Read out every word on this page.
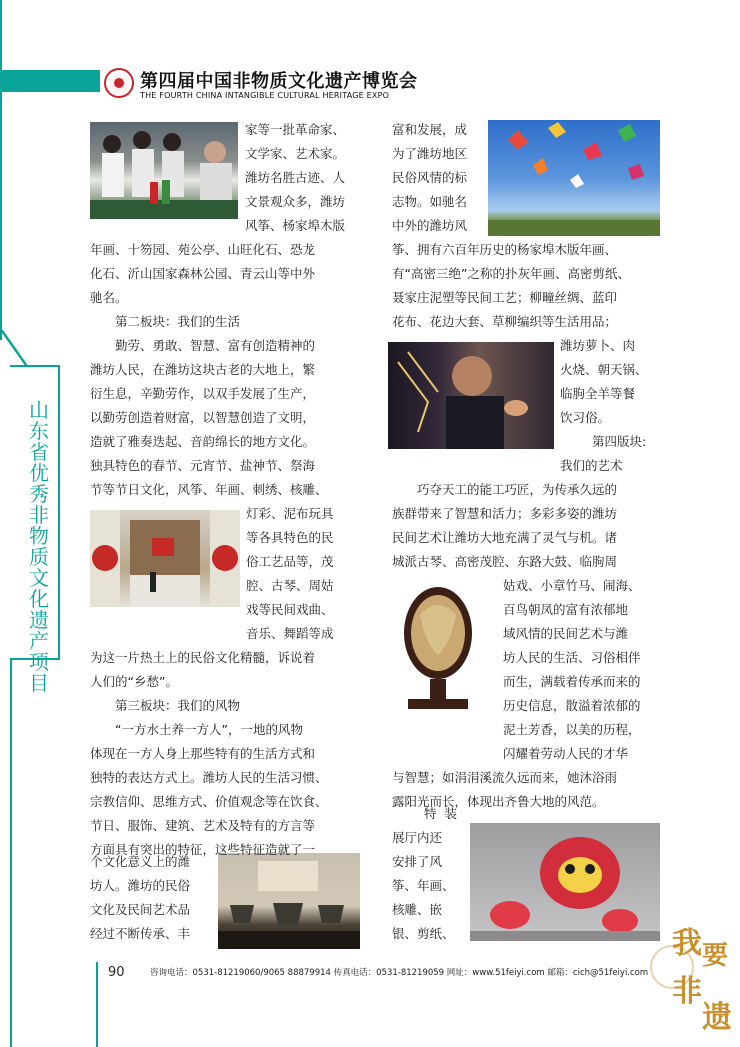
第四届中国非物质文化遗产博览会
THE FOURTH CHINA INTANGIBLE CULTURAL HERITAGE EXPO
山东省优秀非物质文化遗产项目

家等一批革命家、

文学家、艺术家。

潍坊名胜古迹、人

文景观众多，潍坊

风筝、杨家埠木版

年画、十笏园、苑公亭、山旺化石、恐龙

化石、沂山国家森林公园、青云山等中外

驰名。

第二板块：我们的生活

勤劳、勇敢、智慧、富有创造精神的

潍坊人民，在潍坊这块古老的大地上，繁

衍生息，辛勤劳作，以双手发展了生产，

以勤劳创造着财富，以智慧创造了文明，

造就了雅奏迭起、音韵绵长的地方文化。

独具特色的春节、元宵节、盐神节、祭海

节等节日文化，风筝、年画、刺绣、核雕、

灯彩、泥布玩具

等各具特色的民

俗工艺品等，茂

腔、古琴、周姑

戏等民间戏曲、

音乐、舞蹈等成

为这一片热土上的民俗文化精髓，诉说着

人们的“乡愁”。

第三板块：我们的风物

“一方水土养一方人”，一地的风物

体现在一方人身上那些特有的生活方式和

独特的表达方式上。潍坊人民的生活习惯、

宗教信仰、思维方式、价值观念等在饮食、

节日、服饰、建筑、艺术及特有的方言等

方面具有突出的特征，这些特征造就了一

个文化意义上的潍

坊人。潍坊的民俗

文化及民间艺术品

经过不断传承、丰

富和发展，成

为了潍坊地区

民俗风情的标

志物。如驰名

中外的潍坊风

筝、拥有六百年历史的杨家埠木版年画、

有“高密三绝”之称的扑灰年画、高密剪纸、

聂家庄泥塑等民间工艺；柳疃丝绸、蓝印

花布、花边大套、草柳编织等生活用品；

潍坊萝卜、肉

火烧、朝天锅、

临朐全羊等餐

饮习俗。

第四版块:

我们的艺术

巧夺天工的能工巧匠，为传承久远的

族群带来了智慧和活力；多彩多姿的潍坊

民间艺术让潍坊大地充满了灵气与机。诸

城派古琴、高密茂腔、东路大鼓、临朐周

姑戏、小章竹马、闹海、

百鸟朝凤的富有浓郁地

域风情的民间艺术与潍

坊人民的生活、习俗相伴

而生，满载着传承而来的

历史信息，散溢着浓郁的

泥土芳香，以美的历程，

闪耀着劳动人民的才华

与智慧；如涓涓溪流久远而来，她沐浴雨

露阳光而长，体现出齐鲁大地的风范。

特  装

展厅内还

安排了风

筝、年画、

核雕、嵌

银、剪纸、

90	咨询电话：0531-81219060/9065 88879914 传真电话：0531-81219059 网址：www.51feiyi.com 邮箱：cich@51feiyi.com
我 要
非
遗
